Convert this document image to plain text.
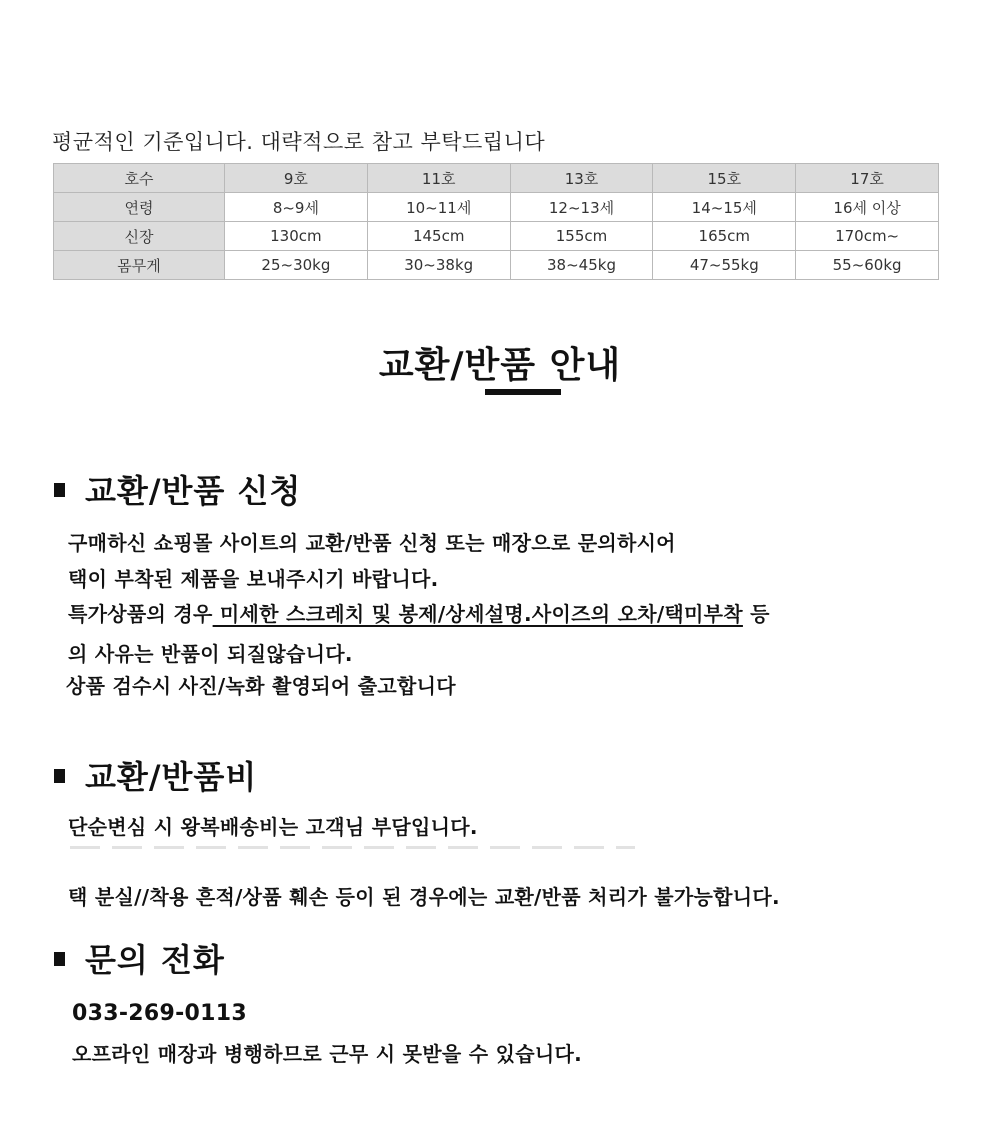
평균적인 기준입니다. 대략적으로 참고 부탁드립니다
호수	9호	11호	13호	15호	17호
연령	8~9세	10~11세	12~13세	14~15세	16세 이상
신장	130cm	145cm	155cm	165cm	170cm~
몸무게	25~30kg	30~38kg	38~45kg	47~55kg	55~60kg
교환/반품 안내
교환/반품 신청
구매하신 쇼핑몰 사이트의 교환/반품 신청 또는 매장으로 문의하시어
택이 부착된 제품을 보내주시기 바랍니다.
특가상품의 경우 미세한 스크레치 및 봉제/상세설명.사이즈의 오차/택미부착 등
의 사유는 반품이 되질않습니다.
상품 검수시 사진/녹화 촬영되어 출고합니다
교환/반품비
단순변심 시 왕복배송비는 고객님 부담입니다.
택 분실//착용 흔적/상품 훼손 등이 된 경우에는 교환/반품 처리가 불가능합니다.
문의 전화
033-269-0113
오프라인 매장과 병행하므로 근무 시 못받을 수 있습니다.
